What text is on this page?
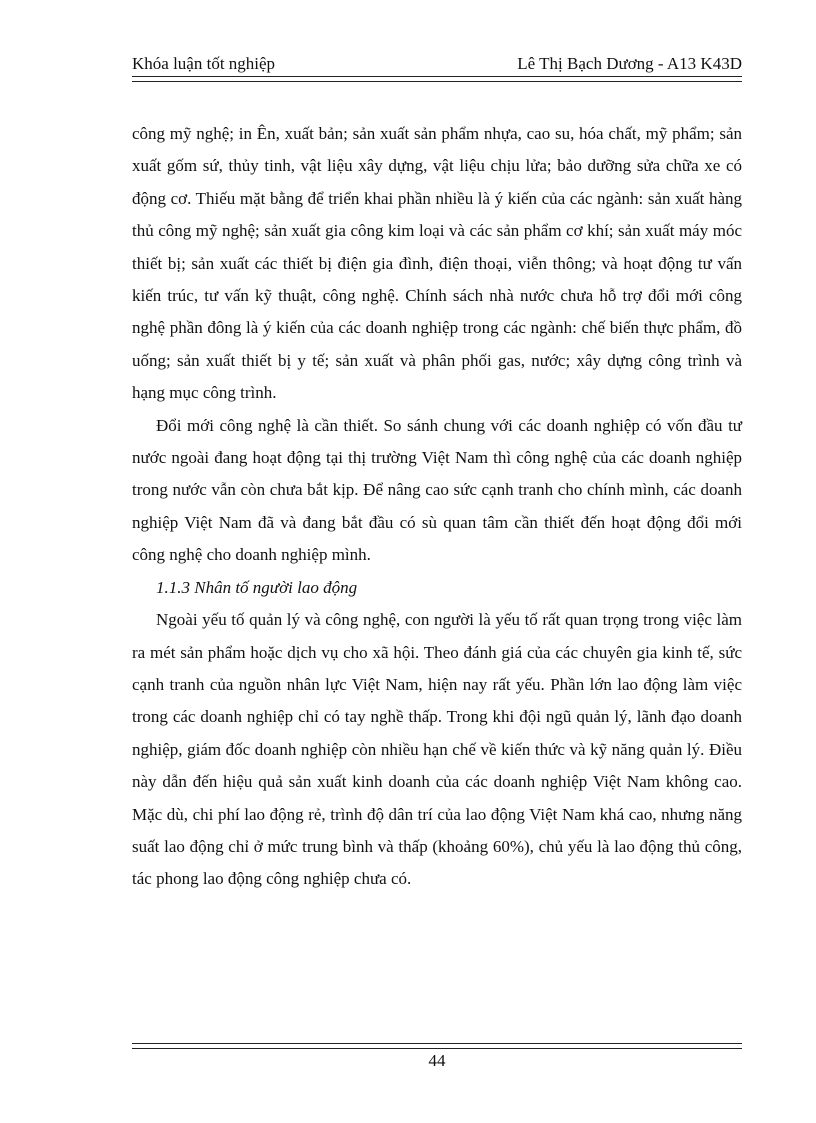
Khóa luận tốt nghiệp	Lê Thị Bạch Dương - A13 K43D

công mỹ nghệ; in Ên, xuất bản; sản xuất sản phẩm nhựa, cao su, hóa chất, mỹ phẩm; sản xuất gốm sứ, thủy tinh, vật liệu xây dựng, vật liệu chịu lửa; bảo dưỡng sửa chữa xe có động cơ. Thiếu mặt bằng để triển khai phần nhiều là ý kiến của các ngành: sản xuất hàng thủ công mỹ nghệ; sản xuất gia công kim loại và các sản phẩm cơ khí; sản xuất máy móc thiết bị; sản xuất các thiết bị điện gia đình, điện thoại, viễn thông; và hoạt động tư vấn kiến trúc, tư vấn kỹ thuật, công nghệ. Chính sách nhà nước chưa hỗ trợ đổi mới công nghệ phần đông là ý kiến của các doanh nghiệp trong các ngành: chế biến thực phẩm, đồ uống; sản xuất thiết bị y tế; sản xuất và phân phối gas, nước; xây dựng công trình và hạng mục công trình.

Đổi mới công nghệ là cần thiết. So sánh chung với các doanh nghiệp có vốn đầu tư nước ngoài đang hoạt động tại thị trường Việt Nam thì công nghệ của các doanh nghiệp trong nước vẫn còn chưa bắt kịp. Để nâng cao sức cạnh tranh cho chính mình, các doanh nghiệp Việt Nam đã và đang bắt đầu có sù quan tâm cần thiết đến hoạt động đổi mới công nghệ cho doanh nghiệp mình.

1.1.3 Nhân tố người lao động

Ngoài yếu tố quản lý và công nghệ, con người là yếu tố rất quan trọng trong việc làm ra mét sản phẩm hoặc dịch vụ cho xã hội. Theo đánh giá của các chuyên gia kinh tế, sức cạnh tranh của nguồn nhân lực Việt Nam, hiện nay rất yếu. Phần lớn lao động làm việc trong các doanh nghiệp chỉ có tay nghề thấp. Trong khi đội ngũ quản lý, lãnh đạo doanh nghiệp, giám đốc doanh nghiệp còn nhiều hạn chế về kiến thức và kỹ năng quản lý. Điều này dẫn đến hiệu quả sản xuất kinh doanh của các doanh nghiệp Việt Nam không cao. Mặc dù, chi phí lao động rẻ, trình độ dân trí của lao động Việt Nam khá cao, nhưng năng suất lao động chỉ ở mức trung bình và thấp (khoảng 60%), chủ yếu là lao động thủ công, tác phong lao động công nghiệp chưa có.

44
